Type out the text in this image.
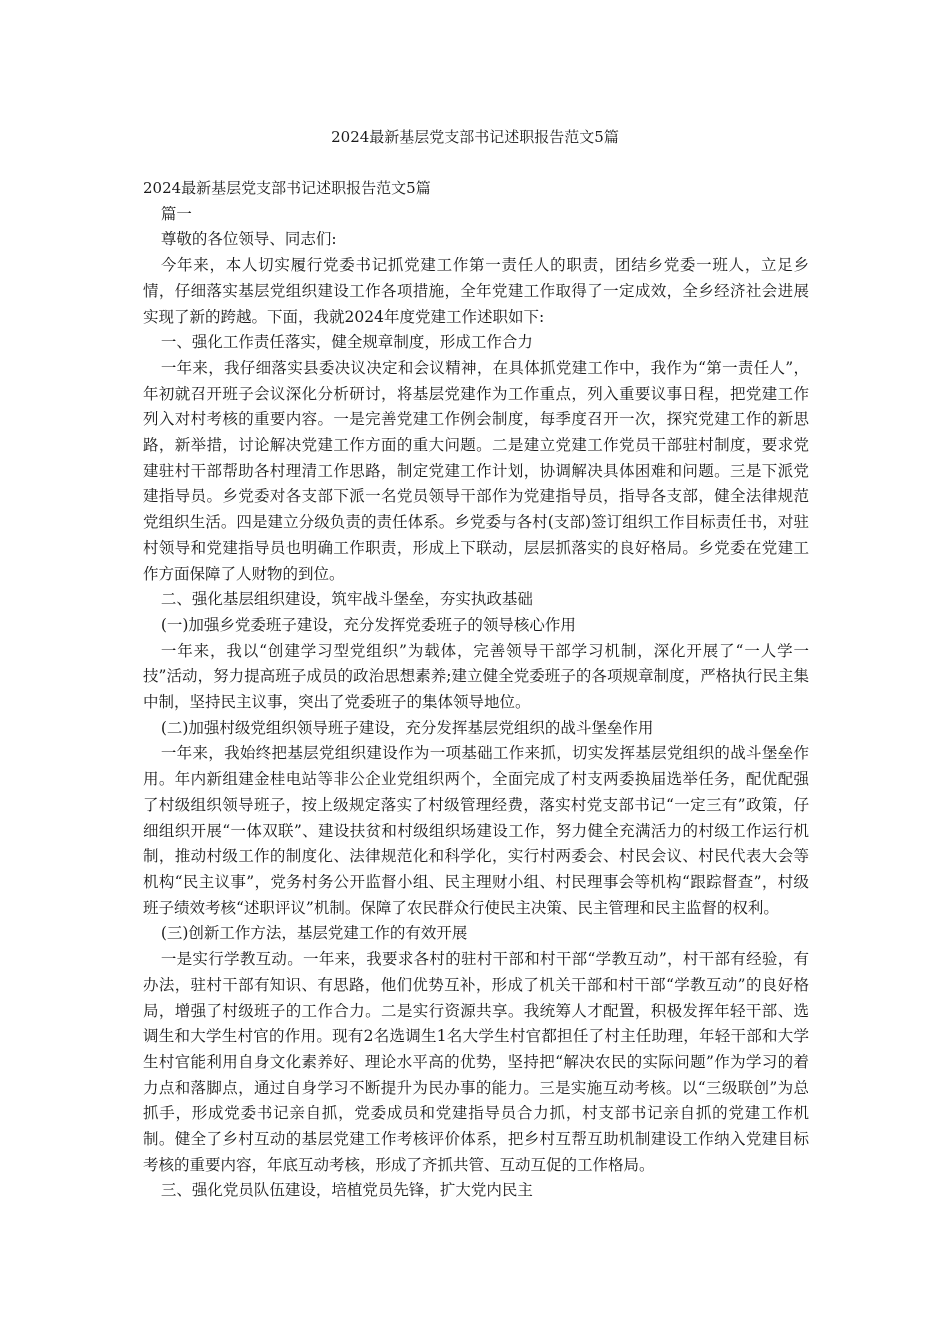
2024最新基层党支部书记述职报告范文5篇

2024最新基层党支部书记述职报告范文5篇

篇一

尊敬的各位领导、同志们:

今年来，本人切实履行党委书记抓党建工作第一责任人的职责，团结乡党委一班人，立足乡情，仔细落实基层党组织建设工作各项措施，全年党建工作取得了一定成效，全乡经济社会进展实现了新的跨越。下面，我就2024年度党建工作述职如下:

一、强化工作责任落实，健全规章制度，形成工作合力

一年来，我仔细落实县委决议决定和会议精神，在具体抓党建工作中，我作为“第一责任人”， 年初就召开班子会议深化分析研讨，将基层党建作为工作重点，列入重要议事日程，把党建工作列入对村考核的重要内容。一是完善党建工作例会制度，每季度召开一次，探究党建工作的新思路，新举措，讨论解决党建工作方面的重大问题。二是建立党建工作党员干部驻村制度，要求党建驻村干部帮助各村理清工作思路，制定党建工作计划，协调解决具体困难和问题。三是下派党建指导员。乡党委对各支部下派一名党员领导干部作为党建指导员，指导各支部，健全法律规范党组织生活。四是建立分级负责的责任体系。乡党委与各村(支部)签订组织工作目标责任书，对驻村领导和党建指导员也明确工作职责，形成上下联动，层层抓落实的良好格局。乡党委在党建工作方面保障了人财物的到位。

二、强化基层组织建设，筑牢战斗堡垒，夯实执政基础

(一)加强乡党委班子建设，充分发挥党委班子的领导核心作用

一年来，我以“创建学习型党组织”为载体，完善领导干部学习机制，深化开展了“一人学一技”活动，努力提高班子成员的政治思想素养;建立健全党委班子的各项规章制度，严格执行民主集中制，坚持民主议事，突出了党委班子的集体领导地位。

(二)加强村级党组织领导班子建设，充分发挥基层党组织的战斗堡垒作用

一年来，我始终把基层党组织建设作为一项基础工作来抓，切实发挥基层党组织的战斗堡垒作用。年内新组建金桂电站等非公企业党组织两个，全面完成了村支两委换届选举任务，配优配强了村级组织领导班子，按上级规定落实了村级管理经费，落实村党支部书记“一定三有”政策，仔细组织开展“一体双联”、建设扶贫和村级组织场建设工作，努力健全充满活力的村级工作运行机制，推动村级工作的制度化、法律规范化和科学化，实行村两委会、村民会议、村民代表大会等机构“民主议事”，党务村务公开监督小组、民主理财小组、村民理事会等机构“跟踪督查”，村级班子绩效考核“述职评议”机制。保障了农民群众行使民主决策、民主管理和民主监督的权利。

(三)创新工作方法，基层党建工作的有效开展

一是实行学教互动。一年来，我要求各村的驻村干部和村干部“学教互动”，村干部有经验，有办法，驻村干部有知识、有思路，他们优势互补，形成了机关干部和村干部“学教互动”的良好格局，增强了村级班子的工作合力。二是实行资源共享。我统筹人才配置，积极发挥年轻干部、选调生和大学生村官的作用。现有2名选调生1名大学生村官都担任了村主任助理，年轻干部和大学生村官能利用自身文化素养好、理论水平高的优势，坚持把“解决农民的实际问题”作为学习的着力点和落脚点，通过自身学习不断提升为民办事的能力。三是实施互动考核。以“三级联创”为总抓手，形成党委书记亲自抓，党委成员和党建指导员合力抓，村支部书记亲自抓的党建工作机制。健全了乡村互动的基层党建工作考核评价体系，把乡村互帮互助机制建设工作纳入党建目标考核的重要内容，年底互动考核，形成了齐抓共管、互动互促的工作格局。

三、强化党员队伍建设，培植党员先锋，扩大党内民主
